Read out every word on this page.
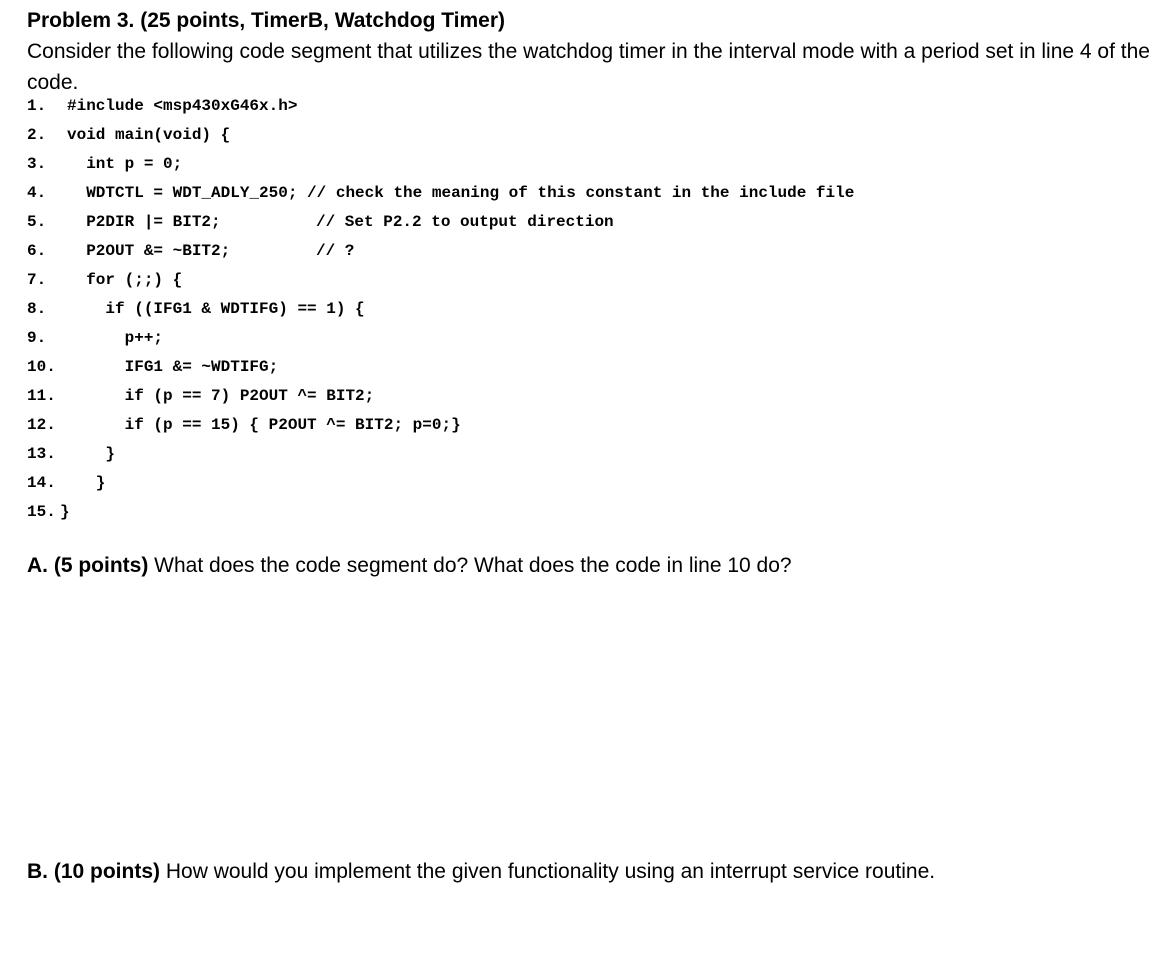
Problem 3. (25 points, TimerB, Watchdog Timer)

Consider the following code segment that utilizes the watchdog timer in the interval mode with a period set in line 4 of the code.

1. #include <msp430xG46x.h>
2. void main(void) {
3. int p = 0;
4. WDTCTL = WDT_ADLY_250; // check the meaning of this constant in the include file
5. P2DIR |= BIT2;	// Set P2.2 to output direction
6. P2OUT &= ~BIT2;	// ?
7. for (;;) {
8. if ((IFG1 & WDTIFG) == 1) {
9. p++;
10. IFG1 &= ~WDTIFG;
11. if (p == 7) P2OUT ^= BIT2;
12. if (p == 15) { P2OUT ^= BIT2; p=0;}
13. }
14. }
15. }

A. (5 points) What does the code segment do? What does the code in line 10 do?

B. (10 points) How would you implement the given functionality using an interrupt service routine.
